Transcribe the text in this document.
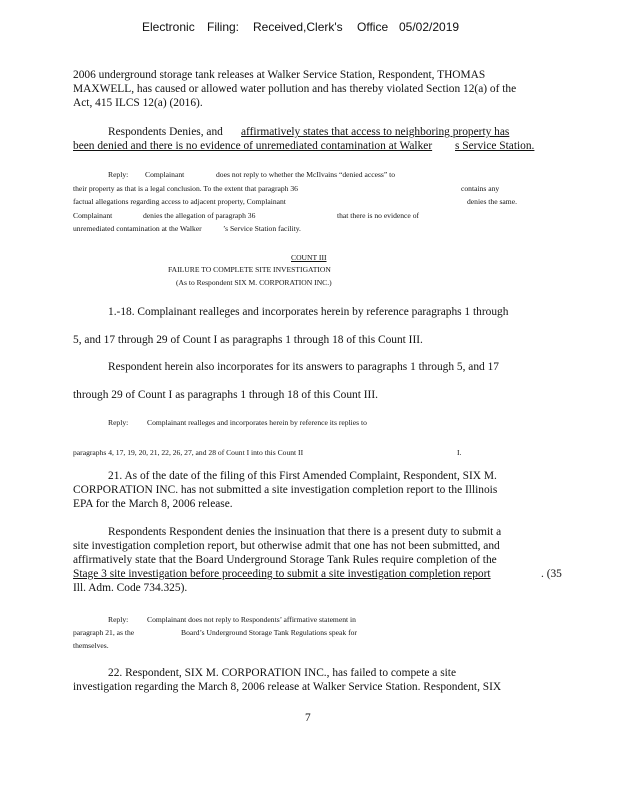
Electronic Filing: Received,Clerk's Office 05/02/2019
2006 underground storage tank releases at Walker Service Station, Respondent, THOMAS
MAXWELL, has caused or allowed water pollution and has thereby violated Section 12(a) of the
Act, 415 ILCS 12(a) (2016).
Respondents Denies, and affirmatively states that access to neighboring property has
been denied and there is no evidence of unremediated contamination at Walker s Service Station.
Reply: Complainant	does not reply to whether the McIlvains “denied access” to
their property as that is a legal conclusion. To the extent that paragraph 36	contains any
factual allegations regarding access to adjacent property, Complainant	denies the same.
Complainant	denies the allegation of paragraph 36	that there is no evidence of
unremediated contamination at the Walker	’s Service Station facility.
COUNT III
FAILURE TO COMPLETE SITE INVESTIGATION
(As to Respondent SIX M. CORPORATION INC.)
1.-18. Complainant realleges and incorporates herein by reference paragraphs 1 through
5, and 17 through 29 of Count I as paragraphs 1 through 18 of this Count III.
Respondent herein also incorporates for its answers to paragraphs 1 through 5, and 17
through 29 of Count I as paragraphs 1 through 18 of this Count III.
Reply: Complainant realleges and incorporates herein by reference its replies to
paragraphs 4, 17, 19, 20, 21, 22, 26, 27, and 28 of Count I into this Count II	I.
21. As of the date of the filing of this First Amended Complaint, Respondent, SIX M.
CORPORATION INC. has not submitted a site investigation completion report to the Illinois
EPA for the March 8, 2006 release.
Respondents Respondent denies the insinuation that there is a present duty to submit a
site investigation completion report, but otherwise admit that one has not been submitted, and
affirmatively state that the Board Underground Storage Tank Rules require completion of the
Stage 3 site investigation before proceeding to submit a site investigation completion report	. (35
Ill. Adm. Code 734.325).
Reply: Complainant does not reply to Respondents’ affirmative statement in
paragraph 21, as the	Board’s Underground Storage Tank Regulations speak for
themselves.
22. Respondent, SIX M. CORPORATION INC., has failed to compete a site
investigation regarding the March 8, 2006 release at Walker Service Station. Respondent, SIX
7
